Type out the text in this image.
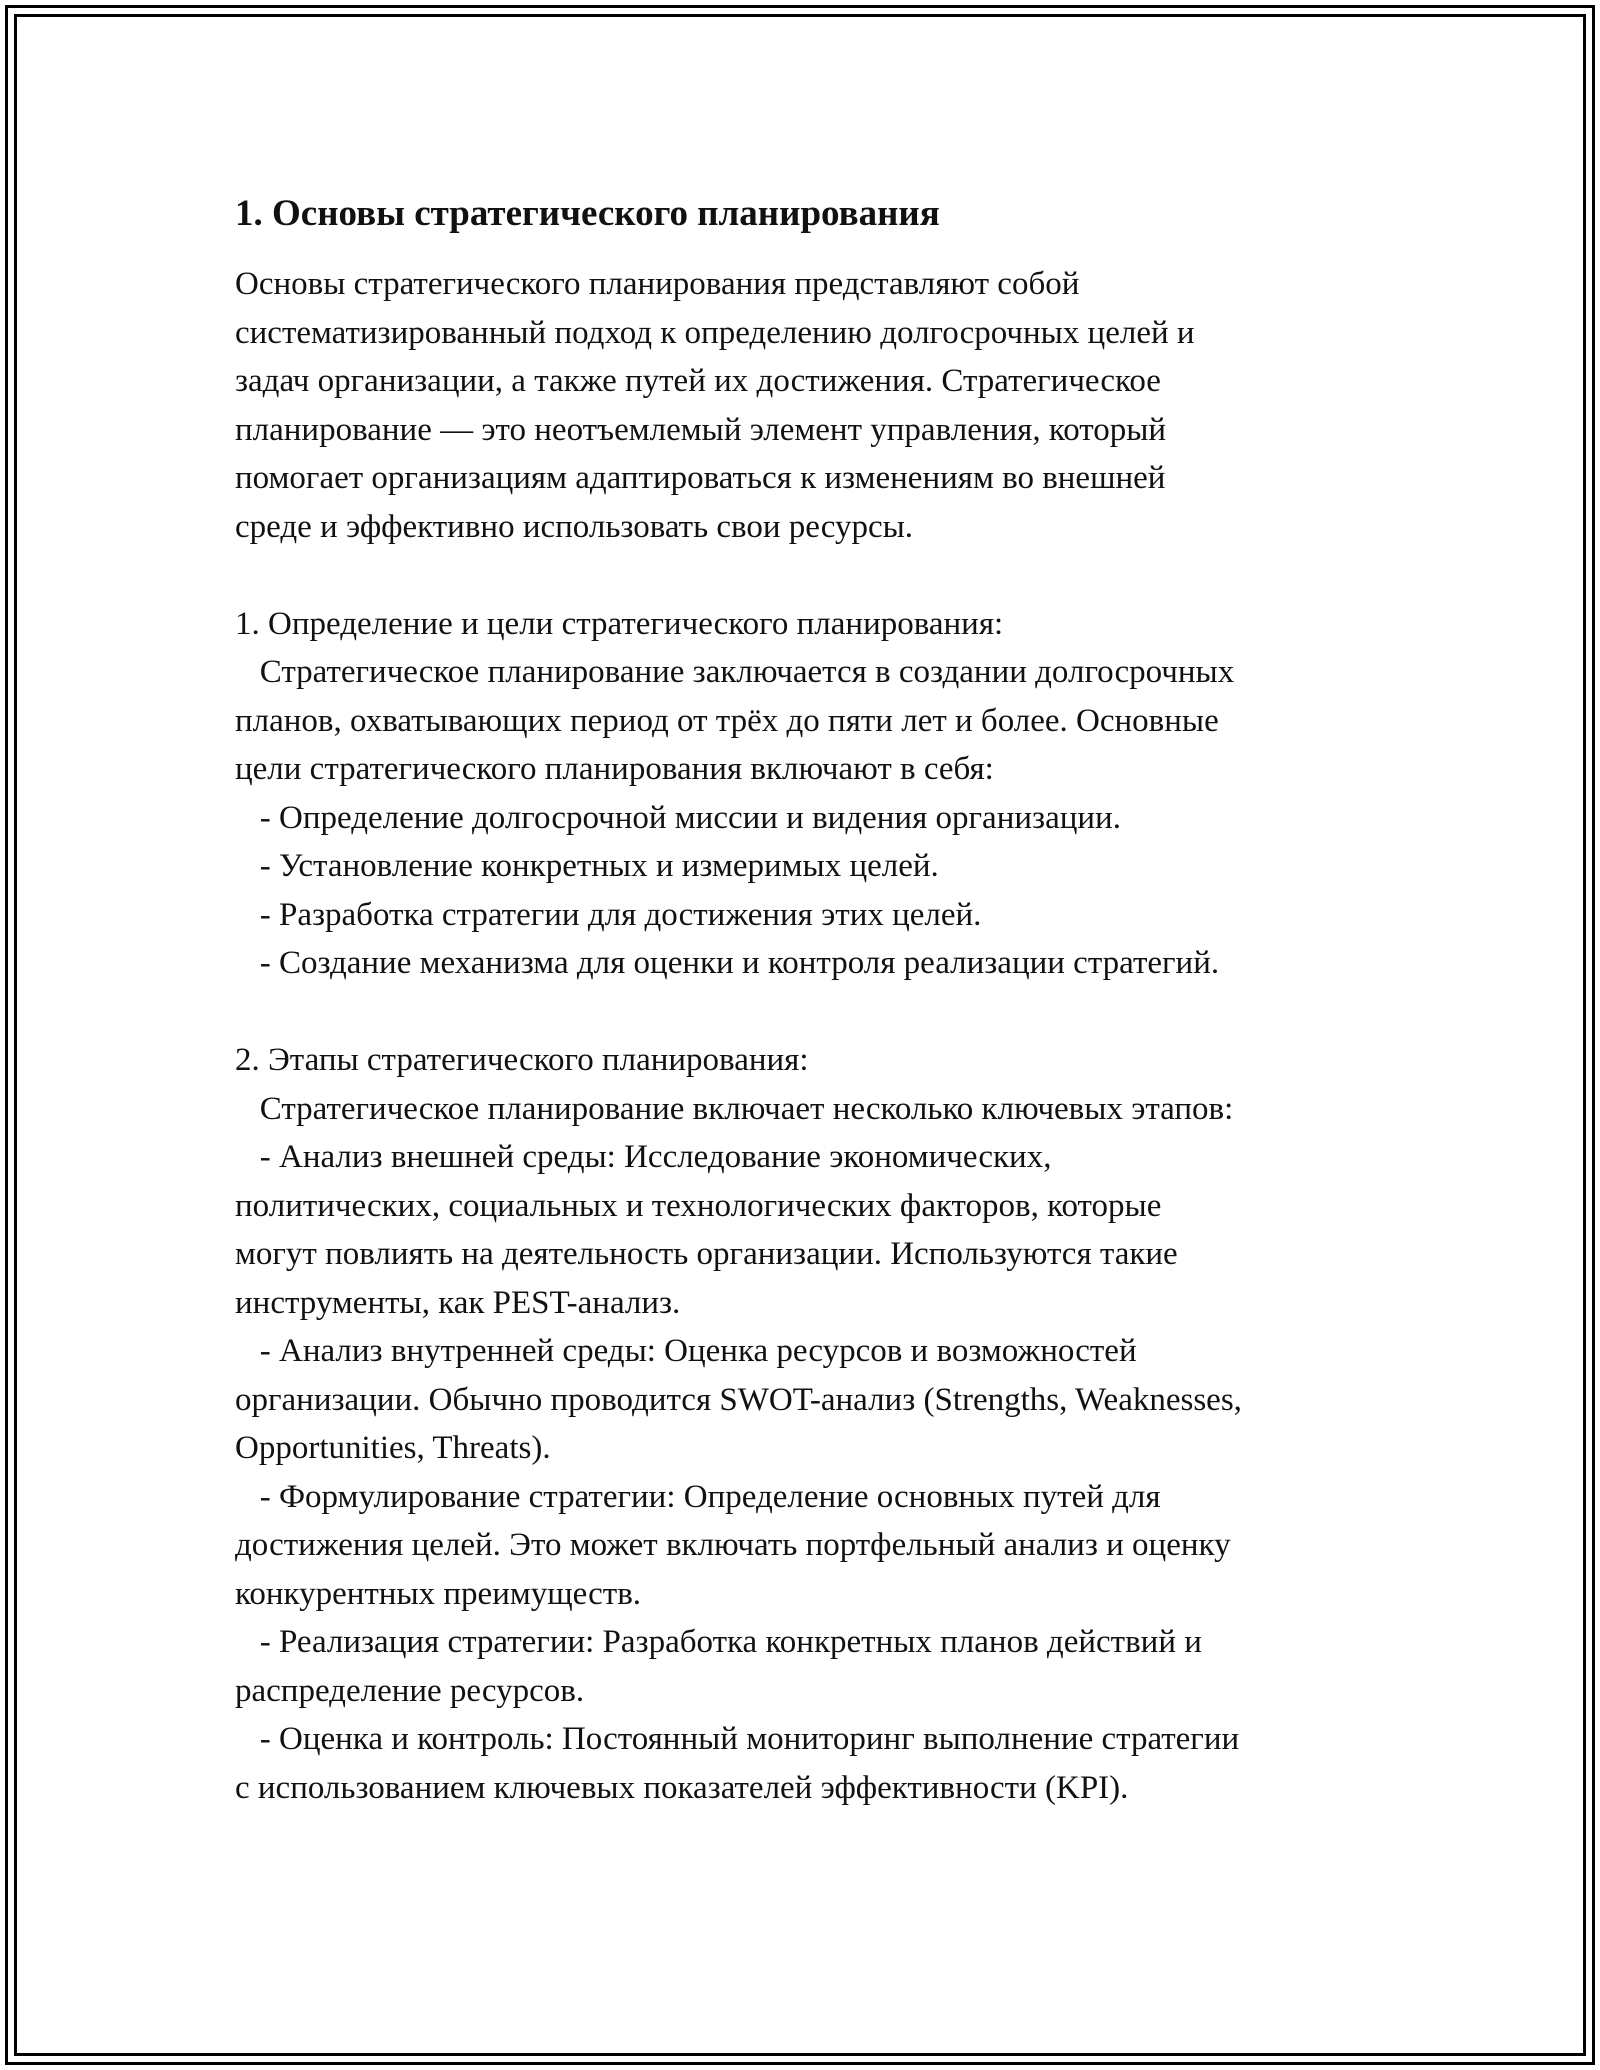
1. Основы стратегического планирования

Основы стратегического планирования представляют собой
систематизированный подход к определению долгосрочных целей и
задач организации, а также путей их достижения. Стратегическое
планирование — это неотъемлемый элемент управления, который
помогает организациям адаптироваться к изменениям во внешней
среде и эффективно использовать свои ресурсы.

1. Определение и цели стратегического планирования:
Стратегическое планирование заключается в создании долгосрочных
планов, охватывающих период от трёх до пяти лет и более. Основные
цели стратегического планирования включают в себя:
- Определение долгосрочной миссии и видения организации.
- Установление конкретных и измеримых целей.
- Разработка стратегии для достижения этих целей.
- Создание механизма для оценки и контроля реализации стратегий.

2. Этапы стратегического планирования:
Стратегическое планирование включает несколько ключевых этапов:
- Анализ внешней среды: Исследование экономических,
политических, социальных и технологических факторов, которые
могут повлиять на деятельность организации. Используются такие
инструменты, как PEST-анализ.
- Анализ внутренней среды: Оценка ресурсов и возможностей
организации. Обычно проводится SWOT-анализ (Strengths, Weaknesses,
Opportunities, Threats).
- Формулирование стратегии: Определение основных путей для
достижения целей. Это может включать портфельный анализ и оценку
конкурентных преимуществ.
- Реализация стратегии: Разработка конкретных планов действий и
распределение ресурсов.
- Оценка и контроль: Постоянный мониторинг выполнение стратегии
с использованием ключевых показателей эффективности (KPI).
